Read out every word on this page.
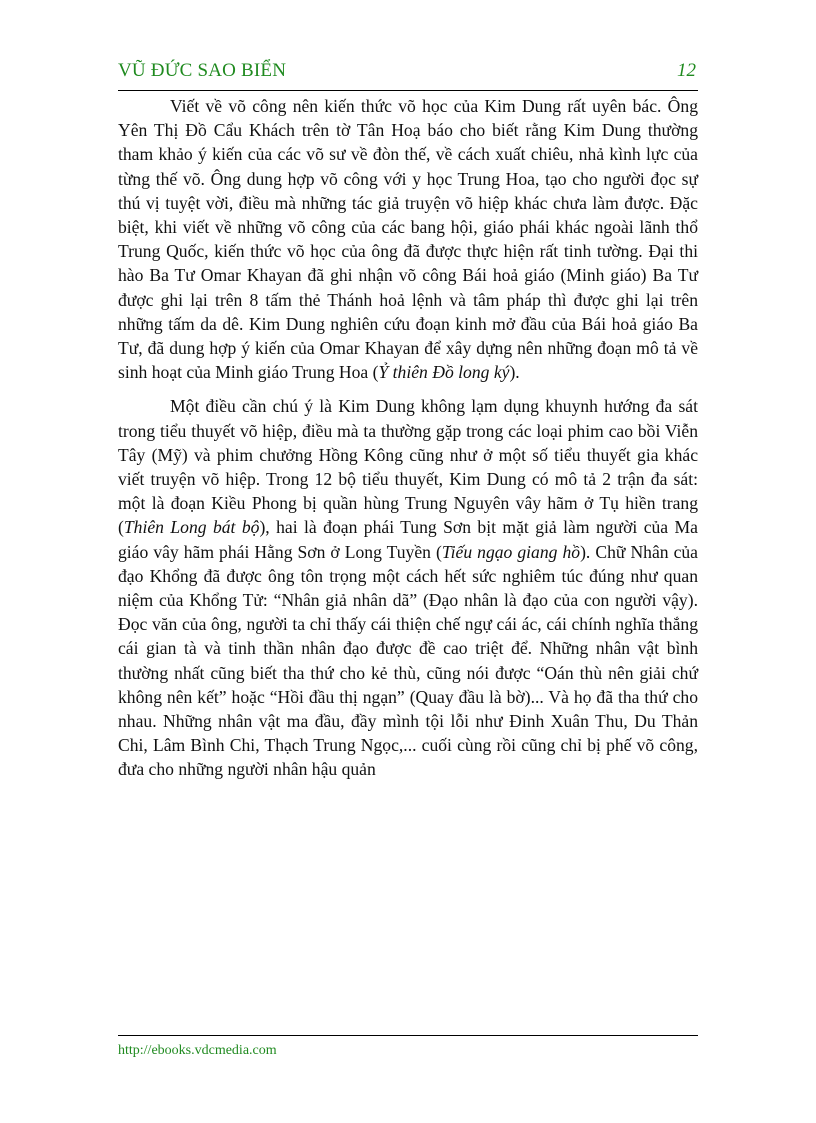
VŨ ĐỨC SAO BIỂN	12

Viết về võ công nên kiến thức võ học của Kim Dung rất uyên bác. Ông Yên Thị Đồ Cẩu Khách trên tờ Tân Hoạ báo cho biết rằng Kim Dung thường tham khảo ý kiến của các võ sư về đòn thế, về cách xuất chiêu, nhả kình lực của từng thế võ. Ông dung hợp võ công với y học Trung Hoa, tạo cho người đọc sự thú vị tuyệt vời, điều mà những tác giả truyện võ hiệp khác chưa làm được. Đặc biệt, khi viết về những võ công của các bang hội, giáo phái khác ngoài lãnh thổ Trung Quốc, kiến thức võ học của ông đã được thực hiện rất tinh tường. Đại thi hào Ba Tư Omar Khayan đã ghi nhận võ công Bái hoả giáo (Minh giáo) Ba Tư được ghi lại trên 8 tấm thẻ Thánh hoả lệnh và tâm pháp thì được ghi lại trên những tấm da dê. Kim Dung nghiên cứu đoạn kinh mở đầu của Bái hoả giáo Ba Tư, đã dung hợp ý kiến của Omar Khayan để xây dựng nên những đoạn mô tả về sinh hoạt của Minh giáo Trung Hoa (Ỷ thiên Đồ long ký).

Một điều cần chú ý là Kim Dung không lạm dụng khuynh hướng đa sát trong tiểu thuyết võ hiệp, điều mà ta thường gặp trong các loại phim cao bồi Viễn Tây (Mỹ) và phim chưởng Hồng Kông cũng như ở một số tiểu thuyết gia khác viết truyện võ hiệp. Trong 12 bộ tiểu thuyết, Kim Dung có mô tả 2 trận đa sát: một là đoạn Kiều Phong bị quần hùng Trung Nguyên vây hãm ở Tụ hiền trang (Thiên Long bát bộ), hai là đoạn phái Tung Sơn bịt mặt giả làm người của Ma giáo vây hãm phái Hằng Sơn ở Long Tuyền (Tiếu ngạo giang hồ). Chữ Nhân của đạo Khổng đã được ông tôn trọng một cách hết sức nghiêm túc đúng như quan niệm của Khổng Tử: “Nhân giả nhân dã” (Đạo nhân là đạo của con người vậy). Đọc văn của ông, người ta chỉ thấy cái thiện chế ngự cái ác, cái chính nghĩa thắng cái gian tà và tinh thần nhân đạo được đề cao triệt để. Những nhân vật bình thường nhất cũng biết tha thứ cho kẻ thù, cũng nói được “Oán thù nên giải chứ không nên kết” hoặc “Hồi đầu thị ngạn” (Quay đầu là bờ)... Và họ đã tha thứ cho nhau. Những nhân vật ma đầu, đầy mình tội lỗi như Đinh Xuân Thu, Du Thản Chi, Lâm Bình Chi, Thạch Trung Ngọc,... cuối cùng rồi cũng chỉ bị phế võ công, đưa cho những người nhân hậu quản

http://ebooks.vdcmedia.com
